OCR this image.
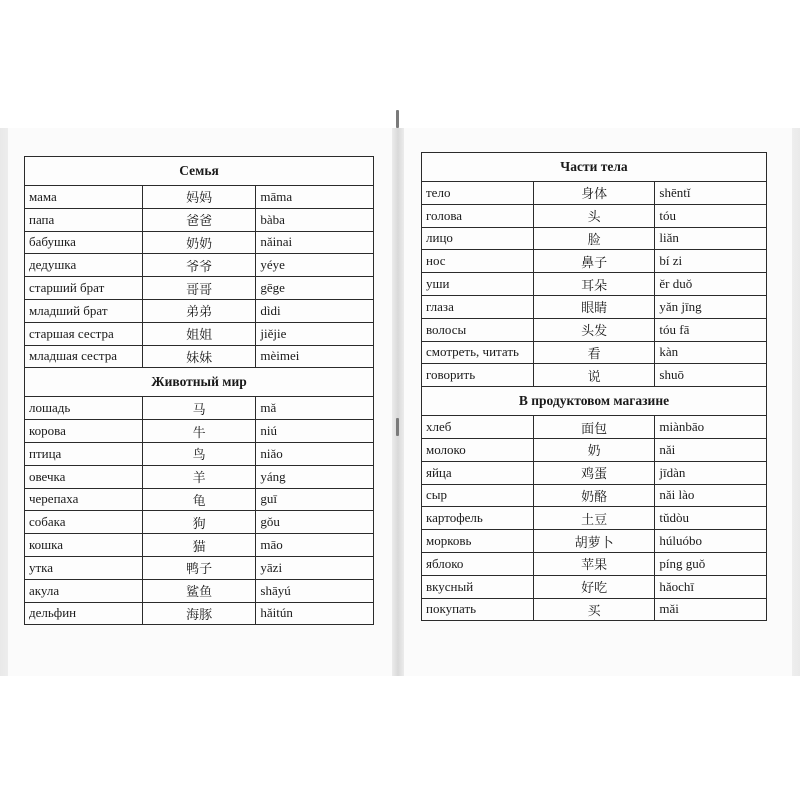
Семья		
мама	妈妈	māma
папа	爸爸	bàba
бабушка	奶奶	nǎinai
дедушка	爷爷	yéye
старший брат	哥哥	gēge
младший брат	弟弟	dìdi
старшая сестра	姐姐	jiějie
младшая сестра	妹妹	mèimei
Животный мир		
лошадь	马	mǎ
корова	牛	niú
птица	鸟	niǎo
овечка	羊	yáng
черепаха	龟	guī
собака	狗	gǒu
кошка	猫	māo
утка	鸭子	yāzi
акула	鲨鱼	shāyú
дельфин	海豚	hǎitún
Части тела		
тело	身体	shēntǐ
голова	头	tóu
лицо	脸	liǎn
нос	鼻子	bí zi
уши	耳朵	ěr duǒ
глаза	眼睛	yǎn jīng
волосы	头发	tóu fā
смотреть, читать	看	kàn
говорить	说	shuō
В продуктовом магазине		
хлеб	面包	miànbāo
молоко	奶	nǎi
яйца	鸡蛋	jīdàn
сыр	奶酪	nǎi lào
картофель	土豆	tǔdòu
морковь	胡萝卜	húluóbo
яблоко	苹果	píng guǒ
вкусный	好吃	hǎochī
покупать	买	mǎi
